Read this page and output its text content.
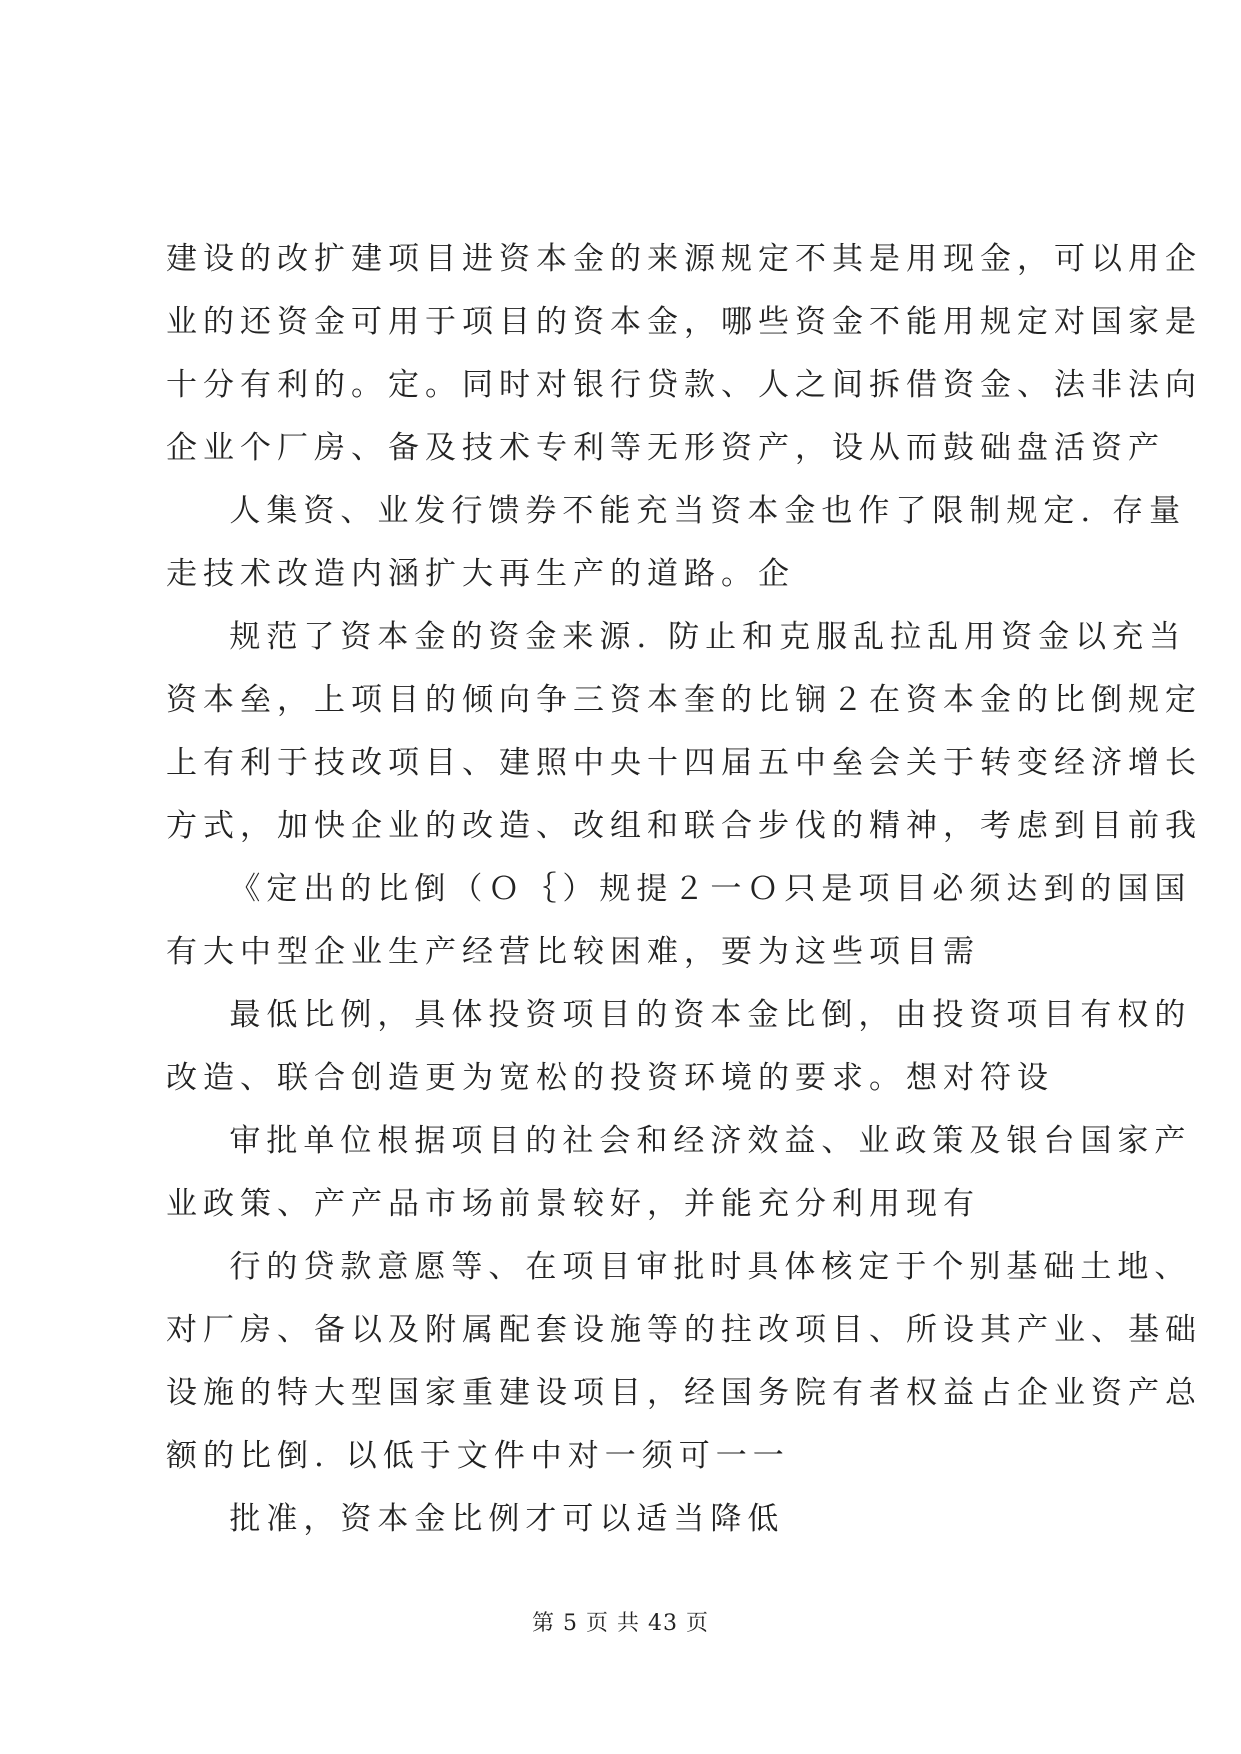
建设的改扩建项目进资本金的来源规定不其是用现金，可以用企

业的还资金可用于项目的资本金，哪些资金不能用规定对国家是

十分有利的。定。同时对银行贷款、人之间拆借资金、法非法向

企业个厂房、备及技术专利等无形资产，设从而鼓础盘活资产

人集资、业发行馈券不能充当资本金也作了限制规定. 存量

走技术改造内涵扩大再生产的道路。企

规范了资本金的资金来源. 防止和克服乱拉乱用资金以充当

资本垒，上项目的倾向争三资本奎的比锎２在资本金的比倒规定

上有利于技改项目、建照中央十四届五中垒会关于转变经济增长

方式，加快企业的改造、改组和联合步伐的精神，考虑到目前我

《定出的比倒（Ｏ｛）规提２一Ｏ只是项目必须达到的国国

有大中型企业生产经营比较困难，要为这些项目需

最低比例，具体投资项目的资本金比倒，由投资项目有权的

改造、联合创造更为宽松的投资环境的要求。想对符设

审批单位根据项目的社会和经济效益、业政策及银台国家产

业政策、产产品市场前景较好，并能充分利用现有

行的贷款意愿等、在项目审批时具体核定于个别基础土地、

对厂房、备以及附属配套设施等的拄改项目、所设其产业、基础

设施的特大型国家重建设项目，经国务院有者权益占企业资产总

额的比倒. 以低于文件中对一须可一一

批准，资本金比例才可以适当降低

第 5 页 共 43 页
